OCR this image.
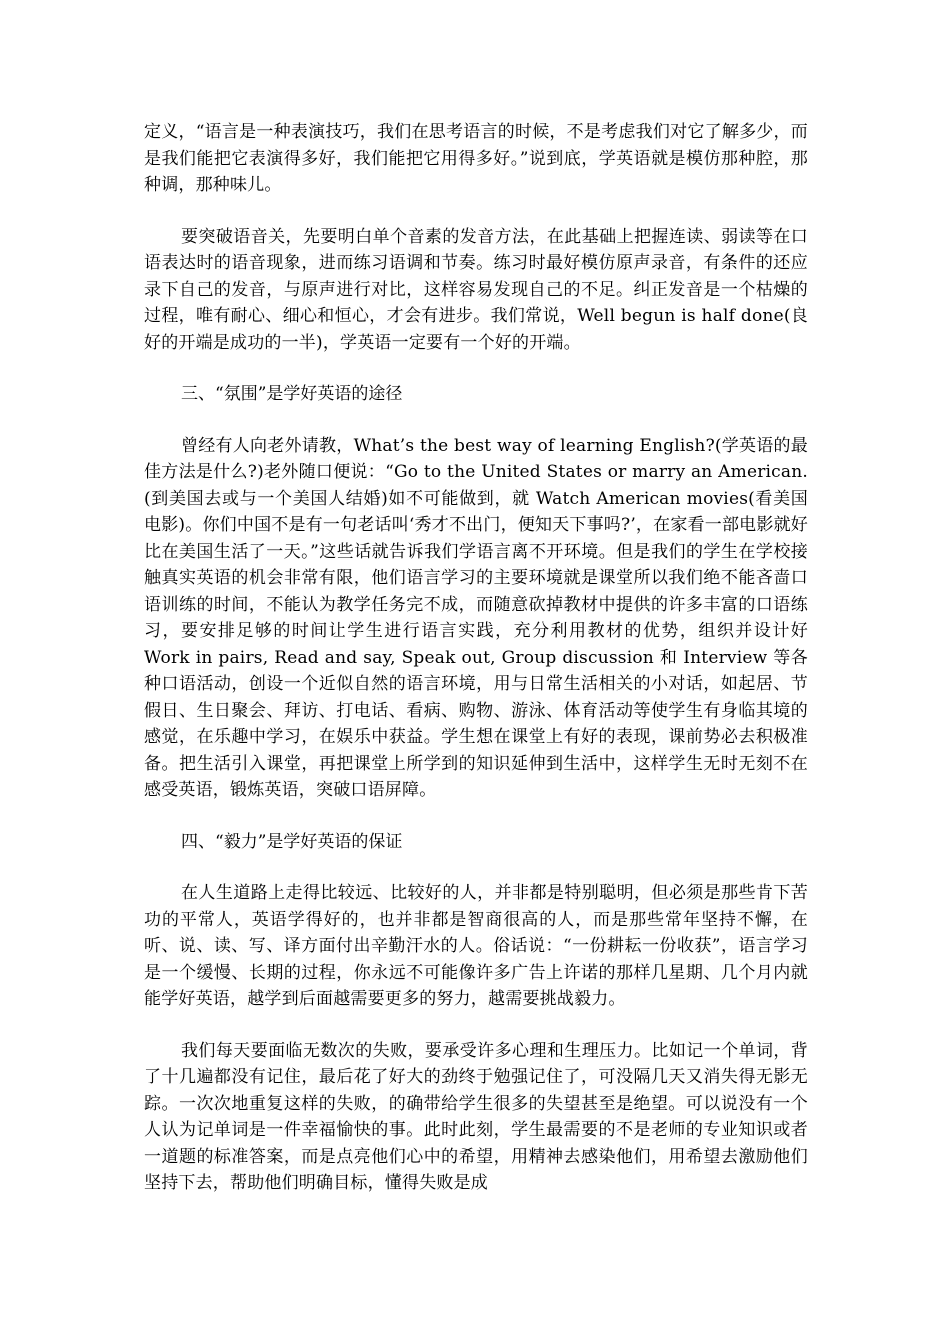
定义，“语言是一种表演技巧，我们在思考语言的时候，不是考虑我们对它了解多少，而是我们能把它表演得多好，我们能把它用得多好。”说到底，学英语就是模仿那种腔，那种调，那种味儿。

要突破语音关，先要明白单个音素的发音方法，在此基础上把握连读、弱读等在口语表达时的语音现象，进而练习语调和节奏。练习时最好模仿原声录音，有条件的还应录下自己的发音，与原声进行对比，这样容易发现自己的不足。纠正发音是一个枯燥的过程，唯有耐心、细心和恒心，才会有进步。我们常说，Well begun is half done(良好的开端是成功的一半)，学英语一定要有一个好的开端。

三、“氛围”是学好英语的途径

曾经有人向老外请教，What’s the best way of learning English?(学英语的最佳方法是什么?)老外随口便说：“Go to the United States or marry an American.(到美国去或与一个美国人结婚)如不可能做到，就 Watch American movies(看美国电影)。你们中国不是有一句老话叫‘秀才不出门，便知天下事吗?’，在家看一部电影就好比在美国生活了一天。”这些话就告诉我们学语言离不开环境。但是我们的学生在学校接触真实英语的机会非常有限，他们语言学习的主要环境就是课堂所以我们绝不能吝啬口语训练的时间，不能认为教学任务完不成，而随意砍掉教材中提供的许多丰富的口语练习，要安排足够的时间让学生进行语言实践，充分利用教材的优势，组织并设计好 Work in pairs, Read and say, Speak out, Group discussion 和 Interview 等各种口语活动，创设一个近似自然的语言环境，用与日常生活相关的小对话，如起居、节假日、生日聚会、拜访、打电话、看病、购物、游泳、体育活动等使学生有身临其境的感觉，在乐趣中学习，在娱乐中获益。学生想在课堂上有好的表现，课前势必去积极准备。把生活引入课堂，再把课堂上所学到的知识延伸到生活中，这样学生无时无刻不在感受英语，锻炼英语，突破口语屏障。

四、“毅力”是学好英语的保证

在人生道路上走得比较远、比较好的人，并非都是特别聪明，但必须是那些肯下苦功的平常人，英语学得好的，也并非都是智商很高的人，而是那些常年坚持不懈，在听、说、读、写、译方面付出辛勤汗水的人。俗话说：“一份耕耘一份收获”，语言学习是一个缓慢、长期的过程，你永远不可能像许多广告上许诺的那样几星期、几个月内就能学好英语，越学到后面越需要更多的努力，越需要挑战毅力。

我们每天要面临无数次的失败，要承受许多心理和生理压力。比如记一个单词，背了十几遍都没有记住，最后花了好大的劲终于勉强记住了，可没隔几天又消失得无影无踪。一次次地重复这样的失败，的确带给学生很多的失望甚至是绝望。可以说没有一个人认为记单词是一件幸福愉快的事。此时此刻，学生最需要的不是老师的专业知识或者一道题的标准答案，而是点亮他们心中的希望，用精神去感染他们，用希望去激励他们坚持下去，帮助他们明确目标，懂得失败是成
